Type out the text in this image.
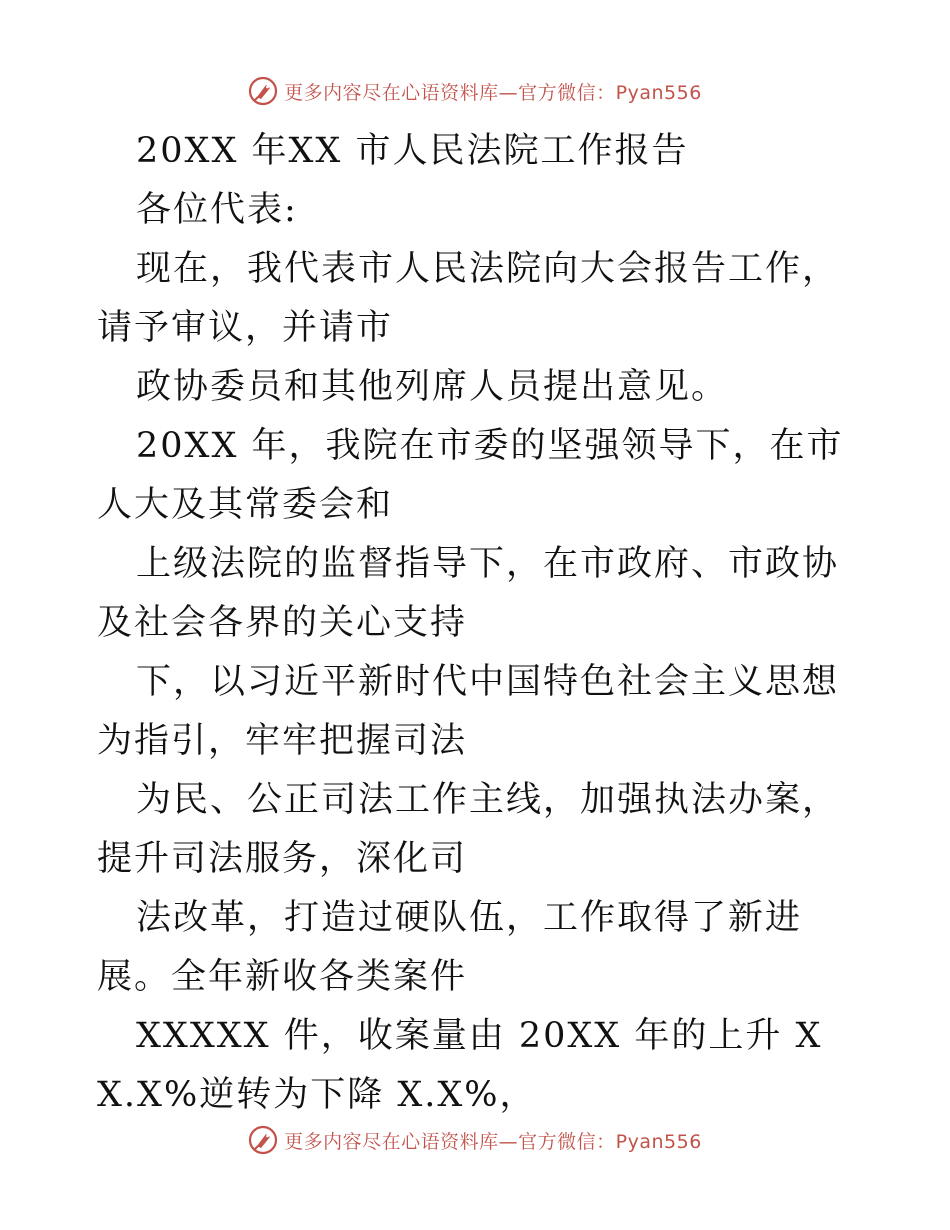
更多内容尽在心语资料库—官方微信：Pyan556

20XX 年XX 市人民法院工作报告

各位代表:

现在，我代表市人民法院向大会报告工作，请予审议，并请市

政协委员和其他列席人员提出意见。

20XX 年，我院在市委的坚强领导下，在市人大及其常委会和

上级法院的监督指导下，在市政府、市政协及社会各界的关心支持

下，以习近平新时代中国特色社会主义思想为指引，牢牢把握司法

为民、公正司法工作主线，加强执法办案，提升司法服务，深化司

法改革，打造过硬队伍，工作取得了新进展。全年新收各类案件

XXXXX 件，收案量由 20XX 年的上升 XX.X%逆转为下降 X.X%，

更多内容尽在心语资料库—官方微信：Pyan556
